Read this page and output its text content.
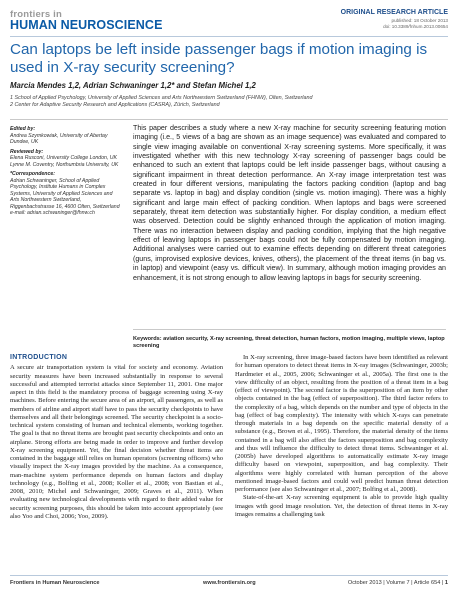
frontiers in
HUMAN NEUROSCIENCE
ORIGINAL RESEARCH ARTICLE
published: 18 October 2013
doi: 10.3389/fnhum.2013.00654
Can laptops be left inside passenger bags if motion imaging is used in X-ray security screening?
Marcia Mendes 1,2, Adrian Schwaninger 1,2* and Stefan Michel 1,2
1 School of Applied Psychology, University of Applied Sciences and Arts Northwestern Switzerland (FHNW), Olten, Switzerland
2 Center for Adaptive Security Research and Applications (CASRA), Zürich, Switzerland
Edited by:
Andrea Szymkowiak, University of Abertay Dundee, UK
Reviewed by:
Elena Rusconi, University College London, UK
Lynne M. Coventry, Northumbria University, UK
*Correspondence:
Adrian Schwaninger, School of Applied Psychology, Institute Humans in Complex Systems, University of Applied Sciences and Arts Northwestern Switzerland, Riggenbachstrasse 16, 4600 Olten, Switzerland
e-mail: adrian.schwaninger@fhnw.ch
This paper describes a study where a new X-ray machine for security screening featuring motion imaging (i.e., 5 views of a bag are shown as an image sequence) was evaluated and compared to single view imaging available on conventional X-ray screening systems. More specifically, it was investigated whether with this new technology X-ray screening of passenger bags could be enhanced to such an extent that laptops could be left inside passenger bags, without causing a significant impairment in threat detection performance. An X-ray image interpretation test was created in four different versions, manipulating the factors packing condition (laptop and bag separate vs. laptop in bag) and display condition (single vs. motion imaging). There was a highly significant and large main effect of packing condition. When laptops and bags were screened separately, threat item detection was substantially higher. For display condition, a medium effect was observed. Detection could be slightly enhanced through the application of motion imaging. There was no interaction between display and packing condition, implying that the high negative effect of leaving laptops in passenger bags could not be fully compensated by motion imaging. Additional analyses were carried out to examine effects depending on different threat categories (guns, improvised explosive devices, knives, others), the placement of the threat items (in bag vs. in laptop) and viewpoint (easy vs. difficult view). In summary, although motion imaging provides an enhancement, it is not strong enough to allow leaving laptops in bags for security screening.
Keywords: aviation security, X-ray screening, threat detection, human factors, motion imaging, multiple views, laptop screening
INTRODUCTION

A secure air transportation system is vital for society and economy. Aviation security measures have been increased substantially in response to several successful and attempted terrorist attacks since September 11, 2001. One major aspect in this field is the mandatory process of baggage screening using X-ray machines. Before entering the secure area of an airport, all passengers, as well as members of airline and airport staff have to pass the security checkpoints to have themselves and all their belongings screened. The security checkpoint is a socio-technical system consisting of human and technical elements, working together. The goal is that no threat items are brought past security checkpoints and onto an airplane. Strong efforts are being made in order to improve and further develop X-ray screening equipment. Yet, the final decision whether threat items are contained in the baggage still relies on human operators (screening officers) who visually inspect the X-ray images provided by the machine. As a consequence, man-machine system performance depends on human factors and display technology (e.g., Bolfing et al., 2008; Koller et al., 2008; von Bastian et al., 2008, 2010; Michel and Schwaninger, 2009; Graves et al., 2011). When evaluating new technological developments with regard to their added value for security screening purposes, this should be taken into account appropriately (see also Yoo and Choi, 2006; Yoo, 2009).

In X-ray screening, three image-based factors have been identified as relevant for human operators to detect threat items in X-ray images (Schwaninger, 2003b; Hardmeier et al., 2005, 2006; Schwaninger et al., 2005a). The first one is the view difficulty of an object, resulting from the position of a threat item in a bag (effect of viewpoint). The second factor is the superposition of an item by other objects contained in the bag (effect of superposition). The third factor refers to the complexity of a bag, which depends on the number and type of objects in the bag (effect of bag complexity). The intensity with which X-rays can penetrate through materials in a bag depends on the specific material density of a substance (e.g., Brown et al., 1995). Therefore, the material density of the items contained in a bag will also affect the factors superposition and bag complexity and thus will influence the difficulty to detect threat items. Schwaninger et al. (2005b) have developed algorithms to automatically estimate X-ray image difficulty based on viewpoint, superposition, and bag complexity. Their algorithms were highly correlated with human perception of the above mentioned image-based factors and could well predict human threat detection performance (see also Schwaninger et al., 2007; Bolfing et al., 2008).

State-of-the-art X-ray screening equipment is able to provide high quality images with good image resolution. Yet, the detection of threat items in X-ray images remains a challenging task

Frontiers in Human Neuroscience	www.frontiersin.org	October 2013 | Volume 7 | Article 654 | 1
